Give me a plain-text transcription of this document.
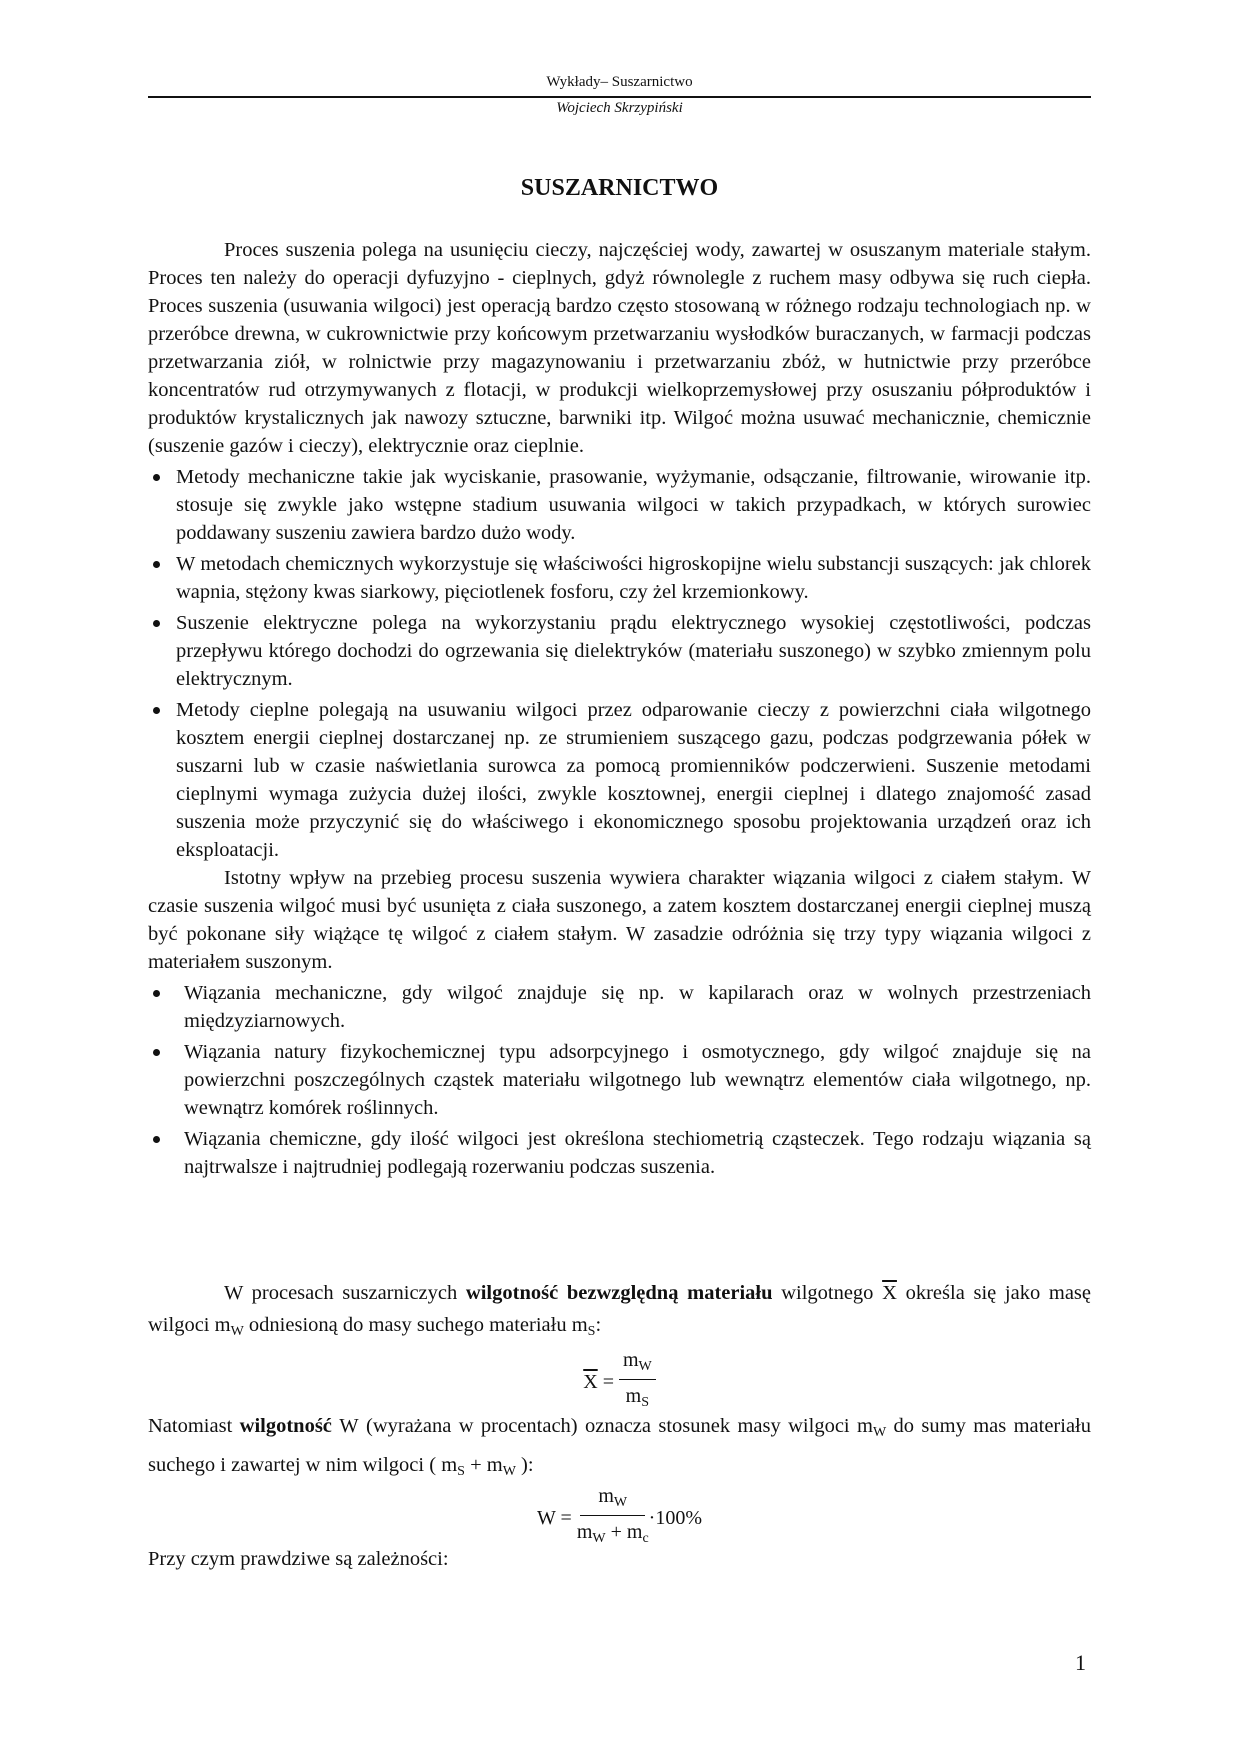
Wykłady– Suszarnictwo
Wojciech Skrzypiński
SUSZARNICTWO

Proces suszenia polega na usunięciu cieczy, najczęściej wody, zawartej w osuszanym materiale stałym. Proces ten należy do operacji dyfuzyjno - cieplnych, gdyż równolegle z ruchem masy odbywa się ruch ciepła. Proces suszenia (usuwania wilgoci) jest operacją bardzo często stosowaną w różnego rodzaju technologiach np. w przeróbce drewna, w cukrownictwie przy końcowym przetwarzaniu wysłodków buraczanych, w farmacji podczas przetwarzania ziół, w rolnictwie przy magazynowaniu i przetwarzaniu zbóż, w hutnictwie przy przeróbce koncentratów rud otrzymywanych z flotacji, w produkcji wielkoprzemysłowej przy osuszaniu półproduktów i produktów krystalicznych jak nawozy sztuczne, barwniki itp. Wilgoć można usuwać mechanicznie, chemicznie (suszenie gazów i cieczy), elektrycznie oraz cieplnie.

Metody mechaniczne takie jak wyciskanie, prasowanie, wyżymanie, odsączanie, filtrowanie, wirowanie itp. stosuje się zwykle jako wstępne stadium usuwania wilgoci w takich przypadkach, w których surowiec poddawany suszeniu zawiera bardzo dużo wody.
W metodach chemicznych wykorzystuje się właściwości higroskopijne wielu substancji suszących: jak chlorek wapnia, stężony kwas siarkowy, pięciotlenek fosforu, czy żel krzemionkowy.
Suszenie elektryczne polega na wykorzystaniu prądu elektrycznego wysokiej częstotliwości, podczas przepływu którego dochodzi do ogrzewania się dielektryków (materiału suszonego) w szybko zmiennym polu elektrycznym.
Metody cieplne polegają na usuwaniu wilgoci przez odparowanie cieczy z powierzchni ciała wilgotnego kosztem energii cieplnej dostarczanej np. ze strumieniem suszącego gazu, podczas podgrzewania półek w suszarni lub w czasie naświetlania surowca za pomocą promienników podczerwieni. Suszenie metodami cieplnymi wymaga zużycia dużej ilości, zwykle kosztownej, energii cieplnej i dlatego znajomość zasad suszenia może przyczynić się do właściwego i ekonomicznego sposobu projektowania urządzeń oraz ich eksploatacji.

Istotny wpływ na przebieg procesu suszenia wywiera charakter wiązania wilgoci z ciałem stałym. W czasie suszenia wilgoć musi być usunięta z ciała suszonego, a zatem kosztem dostarczanej energii cieplnej muszą być pokonane siły wiążące tę wilgoć z ciałem stałym. W zasadzie odróżnia się trzy typy wiązania wilgoci z materiałem suszonym.

Wiązania mechaniczne, gdy wilgoć znajduje się np. w kapilarach oraz w wolnych przestrzeniach międzyziarnowych.
Wiązania natury fizykochemicznej typu adsorpcyjnego i osmotycznego, gdy wilgoć znajduje się na powierzchni poszczególnych cząstek materiału wilgotnego lub wewnątrz elementów ciała wilgotnego, np. wewnątrz komórek roślinnych.
Wiązania chemiczne, gdy ilość wilgoci jest określona stechiometrią cząsteczek. Tego rodzaju wiązania są najtrwalsze i najtrudniej podlegają rozerwaniu podczas suszenia.

W procesach suszarniczych wilgotność bezwzględną materiału wilgotnego $\overline{X}$ określa się jako masę wilgoci $m_W$ odniesioną do masy suchego materiału $m_S$:

$\overline{X} = \frac{m_W}{m_S}$

Natomiast wilgotność W (wyrażana w procentach) oznacza stosunek masy wilgoci $m_W$ do sumy mas materiału suchego i zawartej w nim wilgoci ( $m_S + m_W$ ):

$W = \frac{m_W}{m_W + m_c} \cdot 100\%$
Przy czym prawdziwe są zależności:
1
